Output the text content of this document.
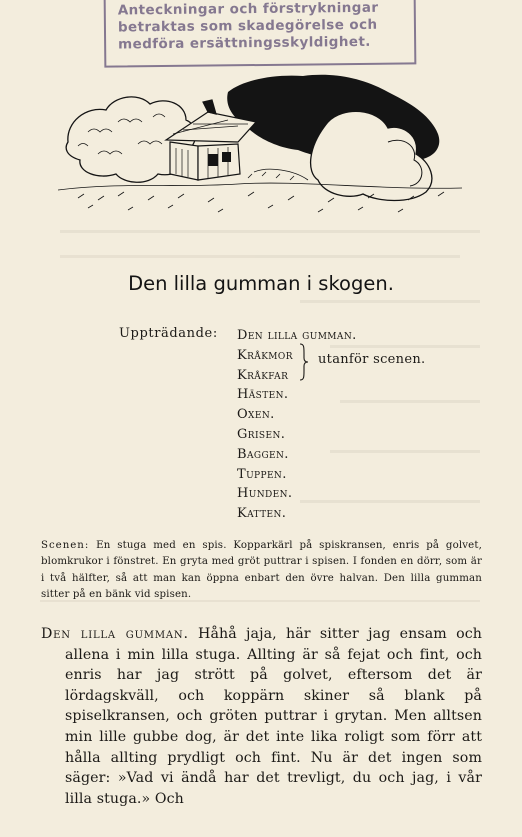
Anteckningar och förstrykningar
betraktas som skadegörelse och
medföra ersättningsskyldighet.
Den lilla gumman i skogen.
Uppträdande: Den lilla gumman.
Kråkmor
Kråkfar
Hästen.
Oxen.
Grisen.
Baggen.
Tuppen.
Hunden.
Katten.
utanför scenen.
Scenen: En stuga med en spis. Kopparkärl på spiskransen, enris på golvet, blomkrukor i fönstret. En gryta med gröt puttrar i spisen. I fonden en dörr, som är i två hälfter, så att man kan öppna enbart den övre halvan. Den lilla gumman sitter på en bänk vid spisen.

Den lilla gumman. Håhå jaja, här sitter jag ensam och allena i min lilla stuga. Allting är så fejat och fint, och enris har jag strött på golvet, eftersom det är lördagskväll, och koppärn skiner så blank på spiselkransen, och gröten puttrar i grytan. Men alltsen min lille gubbe dog, är det inte lika roligt som förr att hålla allting prydligt och fint. Nu är det ingen som säger: »Vad vi ändå har det trevligt, du och jag, i vår lilla stuga.» Och
